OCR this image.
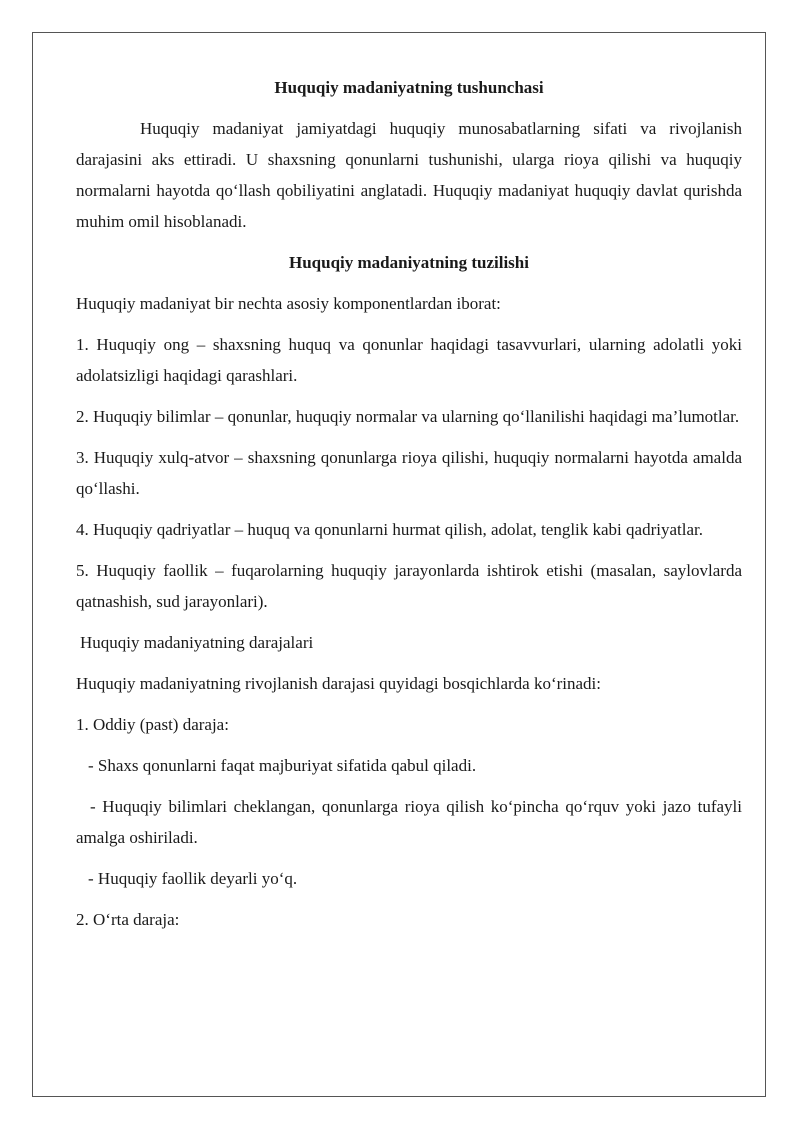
Huquqiy madaniyatning tushunchasi

Huquqiy madaniyat jamiyatdagi huquqiy munosabatlarning sifati va rivojlanish darajasini aks ettiradi. U shaxsning qonunlarni tushunishi, ularga rioya qilishi va huquqiy normalarni hayotda qo‘llash qobiliyatini anglatadi. Huquqiy madaniyat huquqiy davlat qurishda muhim omil hisoblanadi.

Huquqiy madaniyatning tuzilishi

Huquqiy madaniyat bir nechta asosiy komponentlardan iborat:

1. Huquqiy ong – shaxsning huquq va qonunlar haqidagi tasavvurlari, ularning adolatli yoki adolatsizligi haqidagi qarashlari.

2. Huquqiy bilimlar – qonunlar, huquqiy normalar va ularning qo‘llanilishi haqidagi ma’lumotlar.

3. Huquqiy xulq-atvor – shaxsning qonunlarga rioya qilishi, huquqiy normalarni hayotda amalda qo‘llashi.

4. Huquqiy qadriyatlar – huquq va qonunlarni hurmat qilish, adolat, tenglik kabi qadriyatlar.

5. Huquqiy faollik – fuqarolarning huquqiy jarayonlarda ishtirok etishi (masalan, saylovlarda qatnashish, sud jarayonlari).

Huquqiy madaniyatning darajalari

Huquqiy madaniyatning rivojlanish darajasi quyidagi bosqichlarda ko‘rinadi:

1. Oddiy (past) daraja:

- Shaxs qonunlarni faqat majburiyat sifatida qabul qiladi.

- Huquqiy bilimlari cheklangan, qonunlarga rioya qilish ko‘pincha qo‘rquv yoki jazo tufayli amalga oshiriladi.

- Huquqiy faollik deyarli yo‘q.

2. O‘rta daraja:
